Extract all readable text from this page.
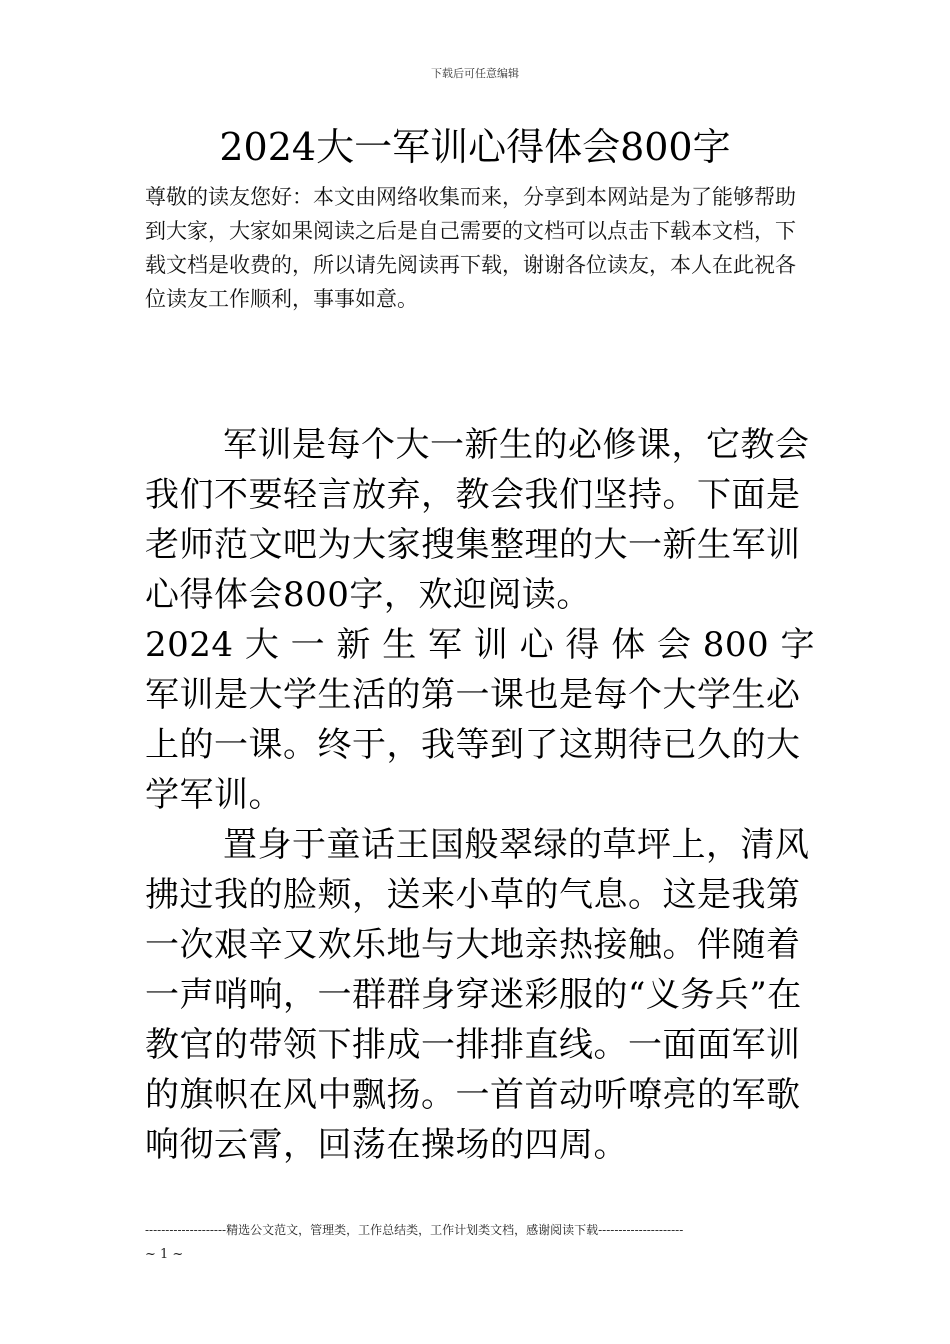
下载后可任意编辑
2024大一军训心得体会800字

尊敬的读友您好：本文由网络收集而来，分享到本网站是为了能够帮助到大家，大家如果阅读之后是自己需要的文档可以点击下载本文档，下载文档是收费的，所以请先阅读再下载，谢谢各位读友，本人在此祝各位读友工作顺利，事事如意。

军训是每个大一新生的必修课，它教会我们不要轻言放弃，教会我们坚持。下面是老师范文吧为大家搜集整理的大一新生军训心得体会800字，欢迎阅读。

2024大一新生军训心得体会800字

军训是大学生活的第一课也是每个大学生必上的一课。终于，我等到了这期待已久的大学军训。

置身于童话王国般翠绿的草坪上，清风拂过我的脸颊，送来小草的气息。这是我第一次艰辛又欢乐地与大地亲热接触。伴随着一声哨响，一群群身穿迷彩服的“义务兵”在教官的带领下排成一排排直线。一面面军训的旗帜在风中飘扬。一首首动听嘹亮的军歌响彻云霄，回荡在操场的四周。

--------------------精选公文范文，管理类，工作总结类，工作计划类文档，感谢阅读下载---------------------
~ 1 ~
